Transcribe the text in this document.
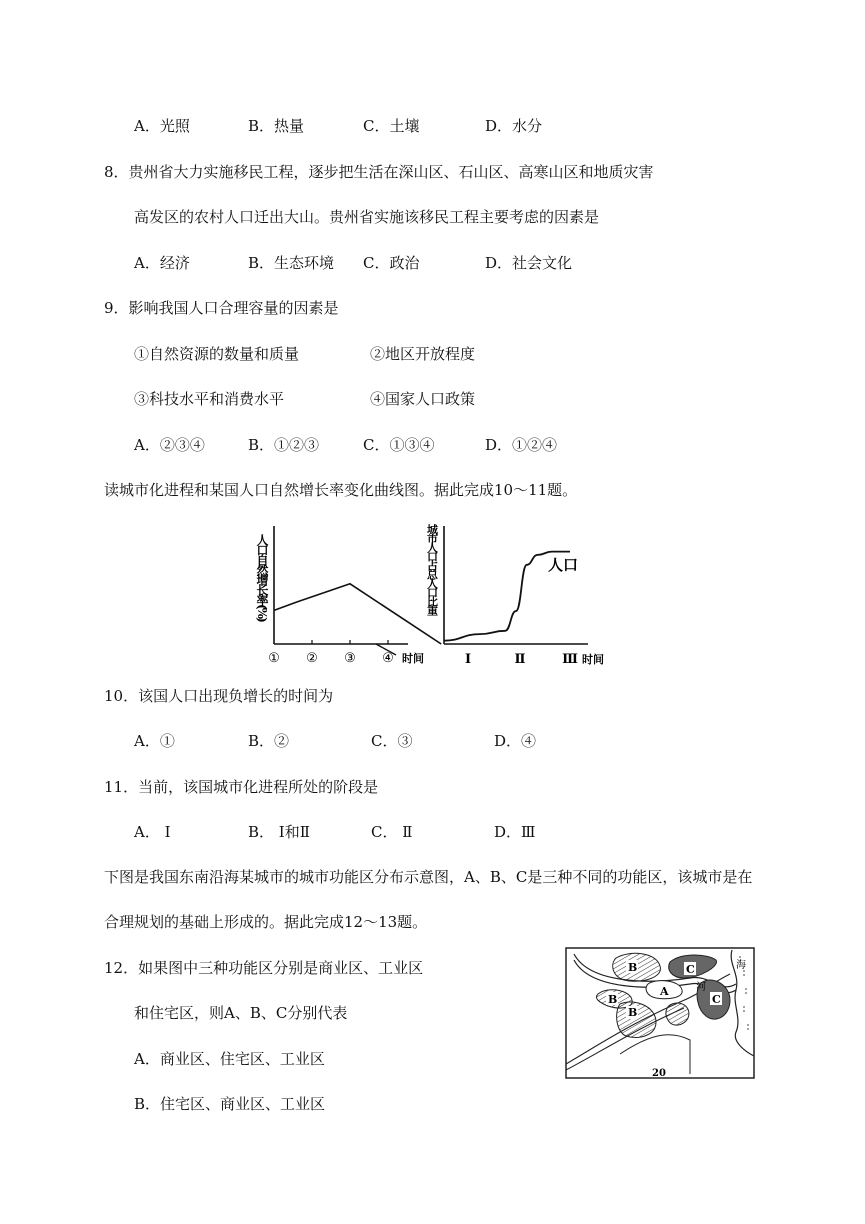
A．光照	B．热量	C．土壤	D．水分
8．贵州省大力实施移民工程，逐步把生活在深山区、石山区、高寒山区和地质灾害
高发区的农村人口迁出大山。贵州省实施该移民工程主要考虑的因素是
A．经济	B．生态环境 C．政治	D．社会文化
9．影响我国人口合理容量的因素是
①自然资源的数量和质量	②地区开放程度
③科技水平和消费水平	④国家人口政策
A．②③④	B．①②③	C．①③④	D．①②④
读城市化进程和某国人口自然增长率变化曲线图。据此完成10～11题。
人口自然增长率(%)
① ② ③ ④ 时间
城市人口占总人口比重	人口
Ⅰ	Ⅱ	Ⅲ 时间
10．该国人口出现负增长的时间为
A．①	B．②	C．③	D．④
11．当前，该国城市化进程所处的阶段是
A． Ⅰ	B． Ⅰ和Ⅱ	C． Ⅱ	D．Ⅲ
下图是我国东南沿海某城市的城市功能区分布示意图，A、B、C是三种不同的功能区，该城市是在
合理规划的基础上形成的。据此完成12～13题。
12．如果图中三种功能区分别是商业区、工业区
和住宅区，则A、B、C分别代表
A．商业区、住宅区、工业区
B．住宅区、商业区、工业区
B	C
A
B
B
C
河
海
20
